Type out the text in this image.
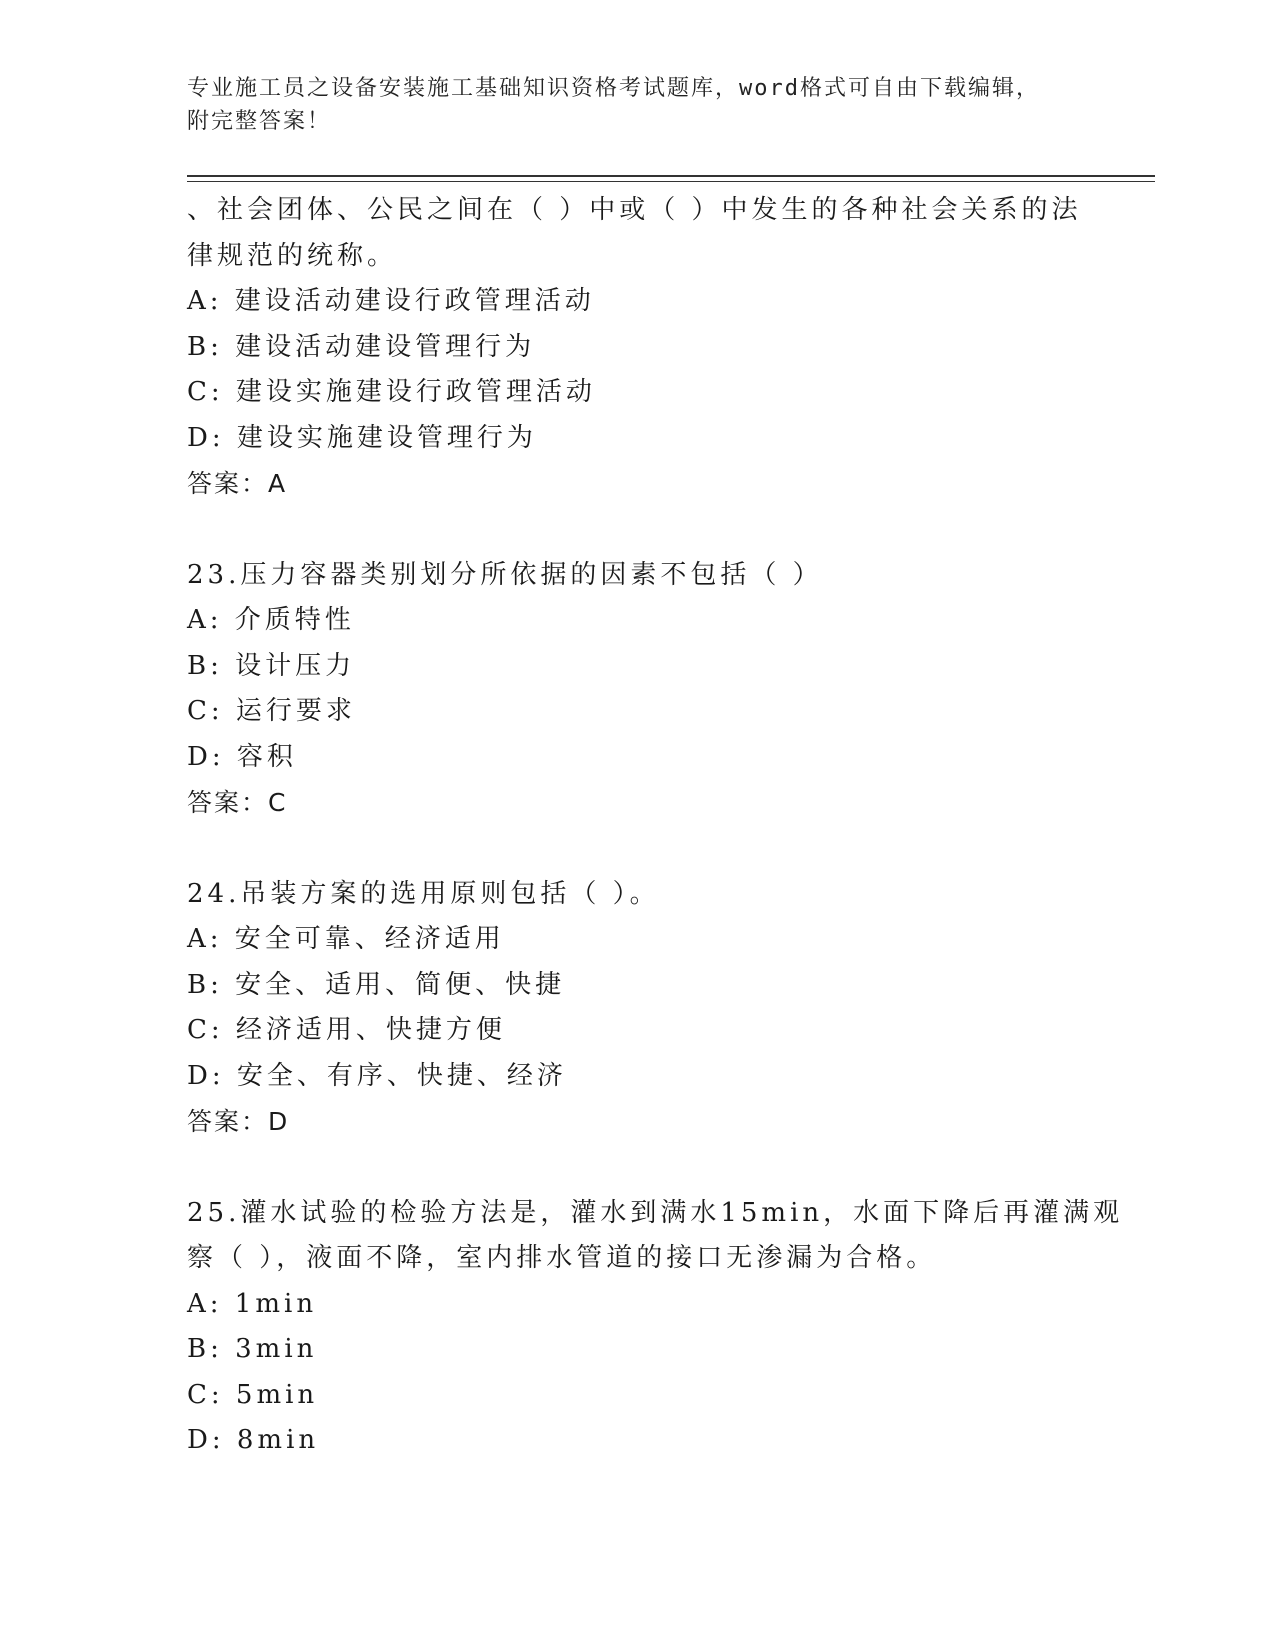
专业施工员之设备安装施工基础知识资格考试题库，word格式可自由下载编辑，
附完整答案！
、社会团体、公民之间在（ ）中或（ ）中发生的各种社会关系的法
律规范的统称。
A: 建设活动建设行政管理活动
B: 建设活动建设管理行为
C: 建设实施建设行政管理活动
D: 建设实施建设管理行为
答案：A
23.压力容器类别划分所依据的因素不包括（ ）
A: 介质特性
B: 设计压力
C: 运行要求
D: 容积
答案：C
24.吊装方案的选用原则包括（ ）。
A: 安全可靠、经济适用
B: 安全、适用、简便、快捷
C: 经济适用、快捷方便
D: 安全、有序、快捷、经济
答案：D
25.灌水试验的检验方法是，灌水到满水15min，水面下降后再灌满观
察（ ），液面不降，室内排水管道的接口无渗漏为合格。
A: 1min
B: 3min
C: 5min
D: 8min
